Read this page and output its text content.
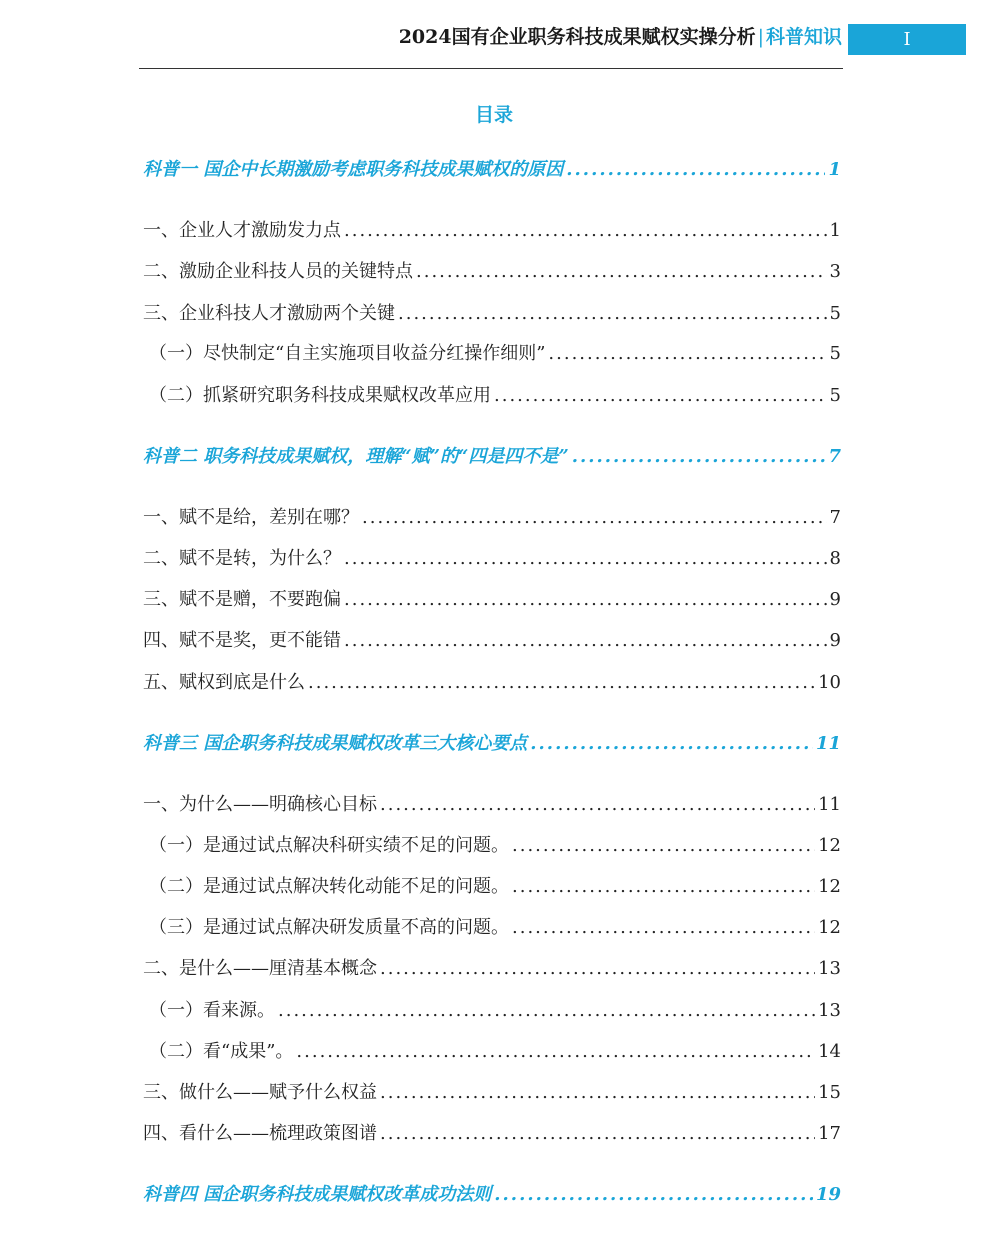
2024国有企业职务科技成果赋权实操分析 | 科普知识	I
目录
科普一 国企中长期激励考虑职务科技成果赋权的原因 .....	1
一、企业人才激励发力点 .....	1
二、激励企业科技人员的关键特点 .....	3
三、企业科技人才激励两个关键 .....	5
（一）尽快制定“自主实施项目收益分红操作细则” .....	5
（二）抓紧研究职务科技成果赋权改革应用 .....	5
科普二 职务科技成果赋权，理解“赋”的“四是四不是” .....	7
一、赋不是给，差别在哪？ .....	7
二、赋不是转，为什么？ .....	8
三、赋不是赠，不要跑偏 .....	9
四、赋不是奖，更不能错 .....	9
五、赋权到底是什么 .....	10
科普三 国企职务科技成果赋权改革三大核心要点 .....	11
一、为什么——明确核心目标 .....	11
（一）是通过试点解决科研实绩不足的问题。 .....	12
（二）是通过试点解决转化动能不足的问题。 .....	12
（三）是通过试点解决研发质量不高的问题。 .....	12
二、是什么——厘清基本概念 .....	13
（一）看来源。 .....	13
（二）看“成果”。 .....	14
三、做什么——赋予什么权益 .....	15
四、看什么——梳理政策图谱 .....	17
科普四 国企职务科技成果赋权改革成功法则 .....	19
